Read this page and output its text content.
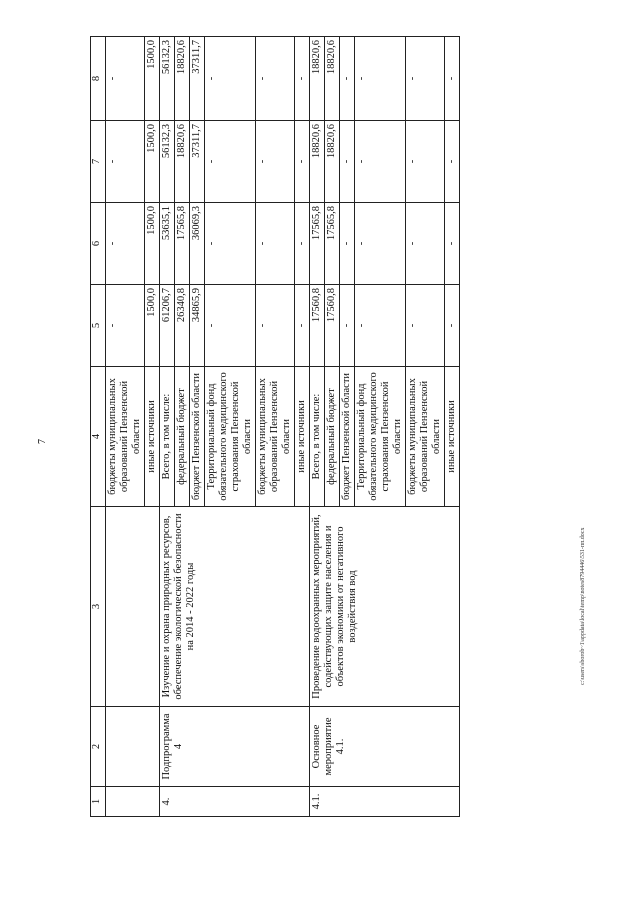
7
1	2	3	4	5	6	7	8
			бюджеты муниципальных образований Пензенской области	-	-	-	-
			иные источники	1500,0	1500,0	1500,0	1500,0
4.	Подпрограмма 4	Изучение и охрана природных ресурсов, обеспечение экологической безопасности на 2014 - 2022 годы	Всего, в том числе:	61206,7	53635,1	56132,3	56132,3
			федеральный бюджет	26340,8	17565,8	18820,6	18820,6
			бюджет Пензенской области	34865,9	36069,3	37311,7	37311,7
			Территориальный фонд обязательного медицинского страхования Пензенской области	-	-	-	-
			бюджеты муниципальных образований Пензенской области	-	-	-	-
			иные источники	-	-	-	-
4.1.	Основное мероприятие 4.1.	Проведение водоохранных мероприятий, содействующих защите населения и объектов экономики от негативного воздействия вод	Всего, в том числе:	17560,8	17565,8	18820,6	18820,6
			федеральный бюджет	17560,8	17565,8	18820,6	18820,6
			бюджет Пензенской области	-	-	-	-
			Территориальный фонд обязательного медицинского страхования Пензенской области	-	-	-	-
			бюджеты муниципальных образований Пензенской области	-	-	-	-
			иные источники	-	-	-	-
c:\users\sborob~1\appdata\local\temp\notes8794446\531-пп.docx
